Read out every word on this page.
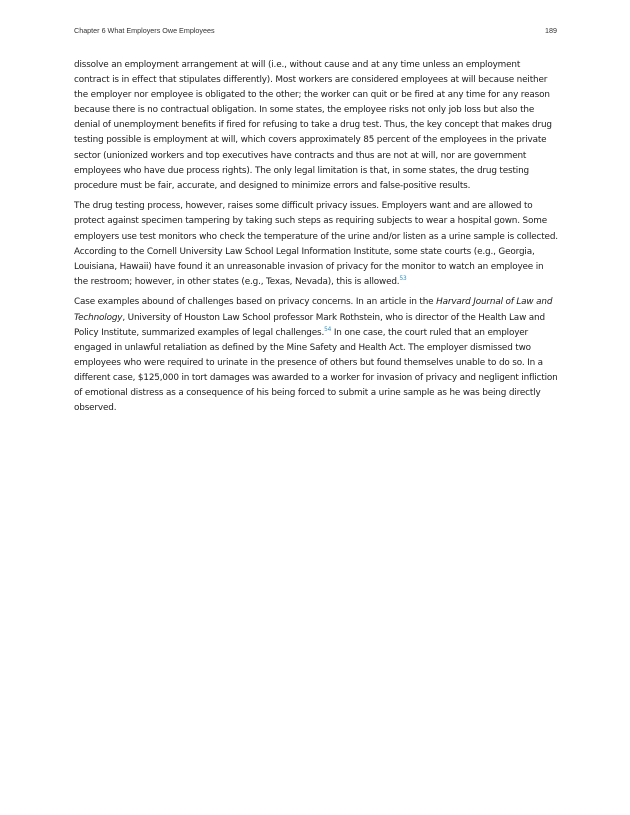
Chapter 6 What Employers Owe Employees	189

dissolve an employment arrangement at will (i.e., without cause and at any time unless an employment contract is in effect that stipulates differently). Most workers are considered employees at will because neither the employer nor employee is obligated to the other; the worker can quit or be fired at any time for any reason because there is no contractual obligation. In some states, the employee risks not only job loss but also the denial of unemployment benefits if fired for refusing to take a drug test. Thus, the key concept that makes drug testing possible is employment at will, which covers approximately 85 percent of the employees in the private sector (unionized workers and top executives have contracts and thus are not at will, nor are government employees who have due process rights). The only legal limitation is that, in some states, the drug testing procedure must be fair, accurate, and designed to minimize errors and false-positive results.

The drug testing process, however, raises some difficult privacy issues. Employers want and are allowed to protect against specimen tampering by taking such steps as requiring subjects to wear a hospital gown. Some employers use test monitors who check the temperature of the urine and/or listen as a urine sample is collected. According to the Cornell University Law School Legal Information Institute, some state courts (e.g., Georgia, Louisiana, Hawaii) have found it an unreasonable invasion of privacy for the monitor to watch an employee in the restroom; however, in other states (e.g., Texas, Nevada), this is allowed.$^{53}$

Case examples abound of challenges based on privacy concerns. In an article in the Harvard Journal of Law and Technology, University of Houston Law School professor Mark Rothstein, who is director of the Health Law and Policy Institute, summarized examples of legal challenges.$^{54}$ In one case, the court ruled that an employer engaged in unlawful retaliation as defined by the Mine Safety and Health Act. The employer dismissed two employees who were required to urinate in the presence of others but found themselves unable to do so. In a different case, $125,000 in tort damages was awarded to a worker for invasion of privacy and negligent infliction of emotional distress as a consequence of his being forced to submit a urine sample as he was being directly observed.
